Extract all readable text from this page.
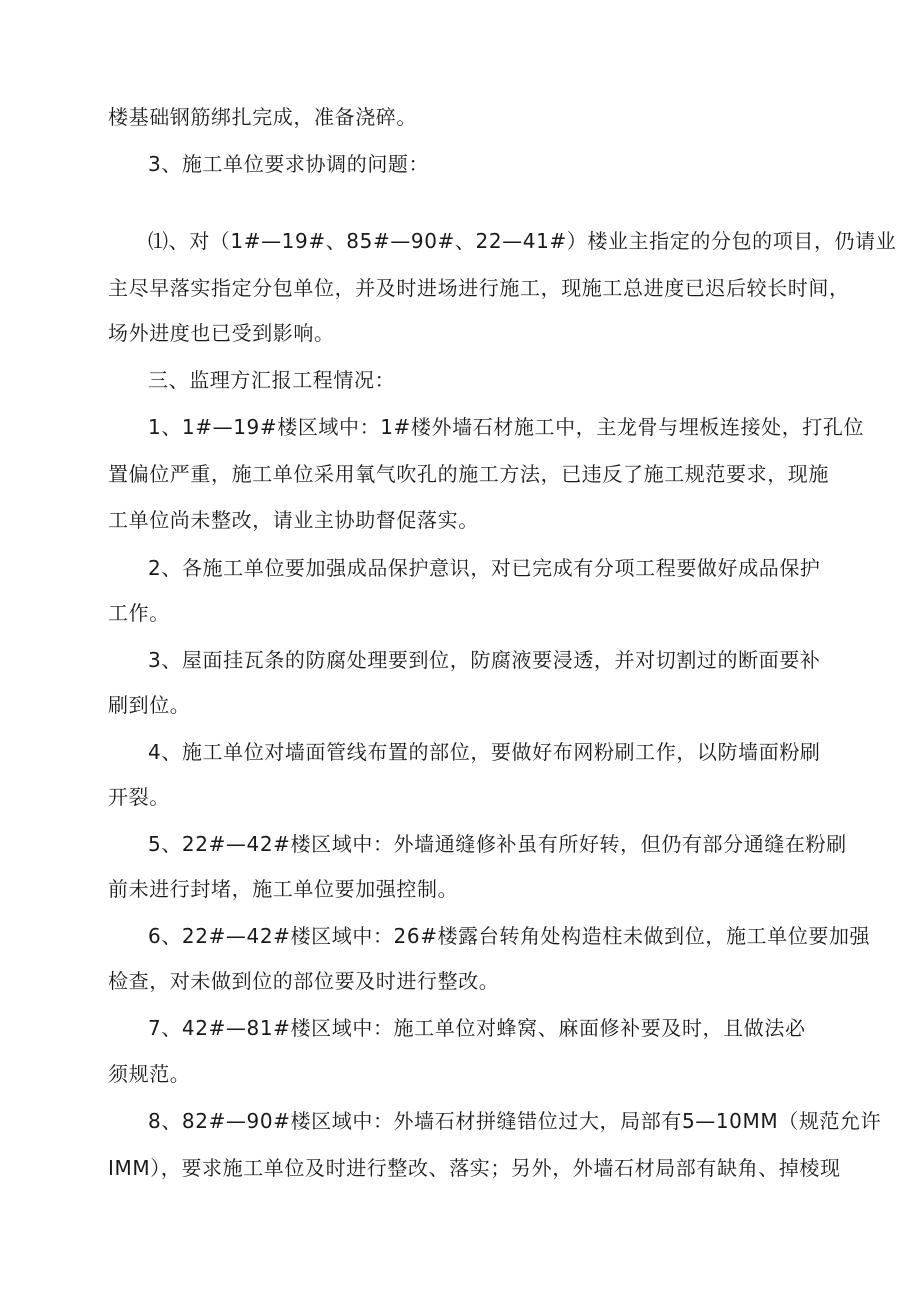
楼基础钢筋绑扎完成，准备浇碎。
3、施工单位要求协调的问题：
⑴、对（1#—19#、85#—90#、22—41#）楼业主指定的分包的项目，仍请业
主尽早落实指定分包单位，并及时进场进行施工，现施工总进度已迟后较长时间，
场外进度也已受到影响。
三、监理方汇报工程情况：
1、1#—19#楼区域中：1#楼外墙石材施工中，主龙骨与埋板连接处，打孔位
置偏位严重，施工单位采用氧气吹孔的施工方法，已违反了施工规范要求，现施
工单位尚未整改，请业主协助督促落实。
2、各施工单位要加强成品保护意识，对已完成有分项工程要做好成品保护
工作。
3、屋面挂瓦条的防腐处理要到位，防腐液要浸透，并对切割过的断面要补
刷到位。
4、施工单位对墙面管线布置的部位，要做好布网粉刷工作，以防墙面粉刷
开裂。
5、22#—42#楼区域中：外墙通缝修补虽有所好转，但仍有部分通缝在粉刷
前未进行封堵，施工单位要加强控制。
6、22#—42#楼区域中：26#楼露台转角处构造柱未做到位，施工单位要加强
检查，对未做到位的部位要及时进行整改。
7、42#—81#楼区域中：施工单位对蜂窝、麻面修补要及时，且做法必
须规范。
8、82#—90#楼区域中：外墙石材拼缝错位过大，局部有5—10MM（规范允许
IMM），要求施工单位及时进行整改、落实；另外，外墙石材局部有缺角、掉棱现
